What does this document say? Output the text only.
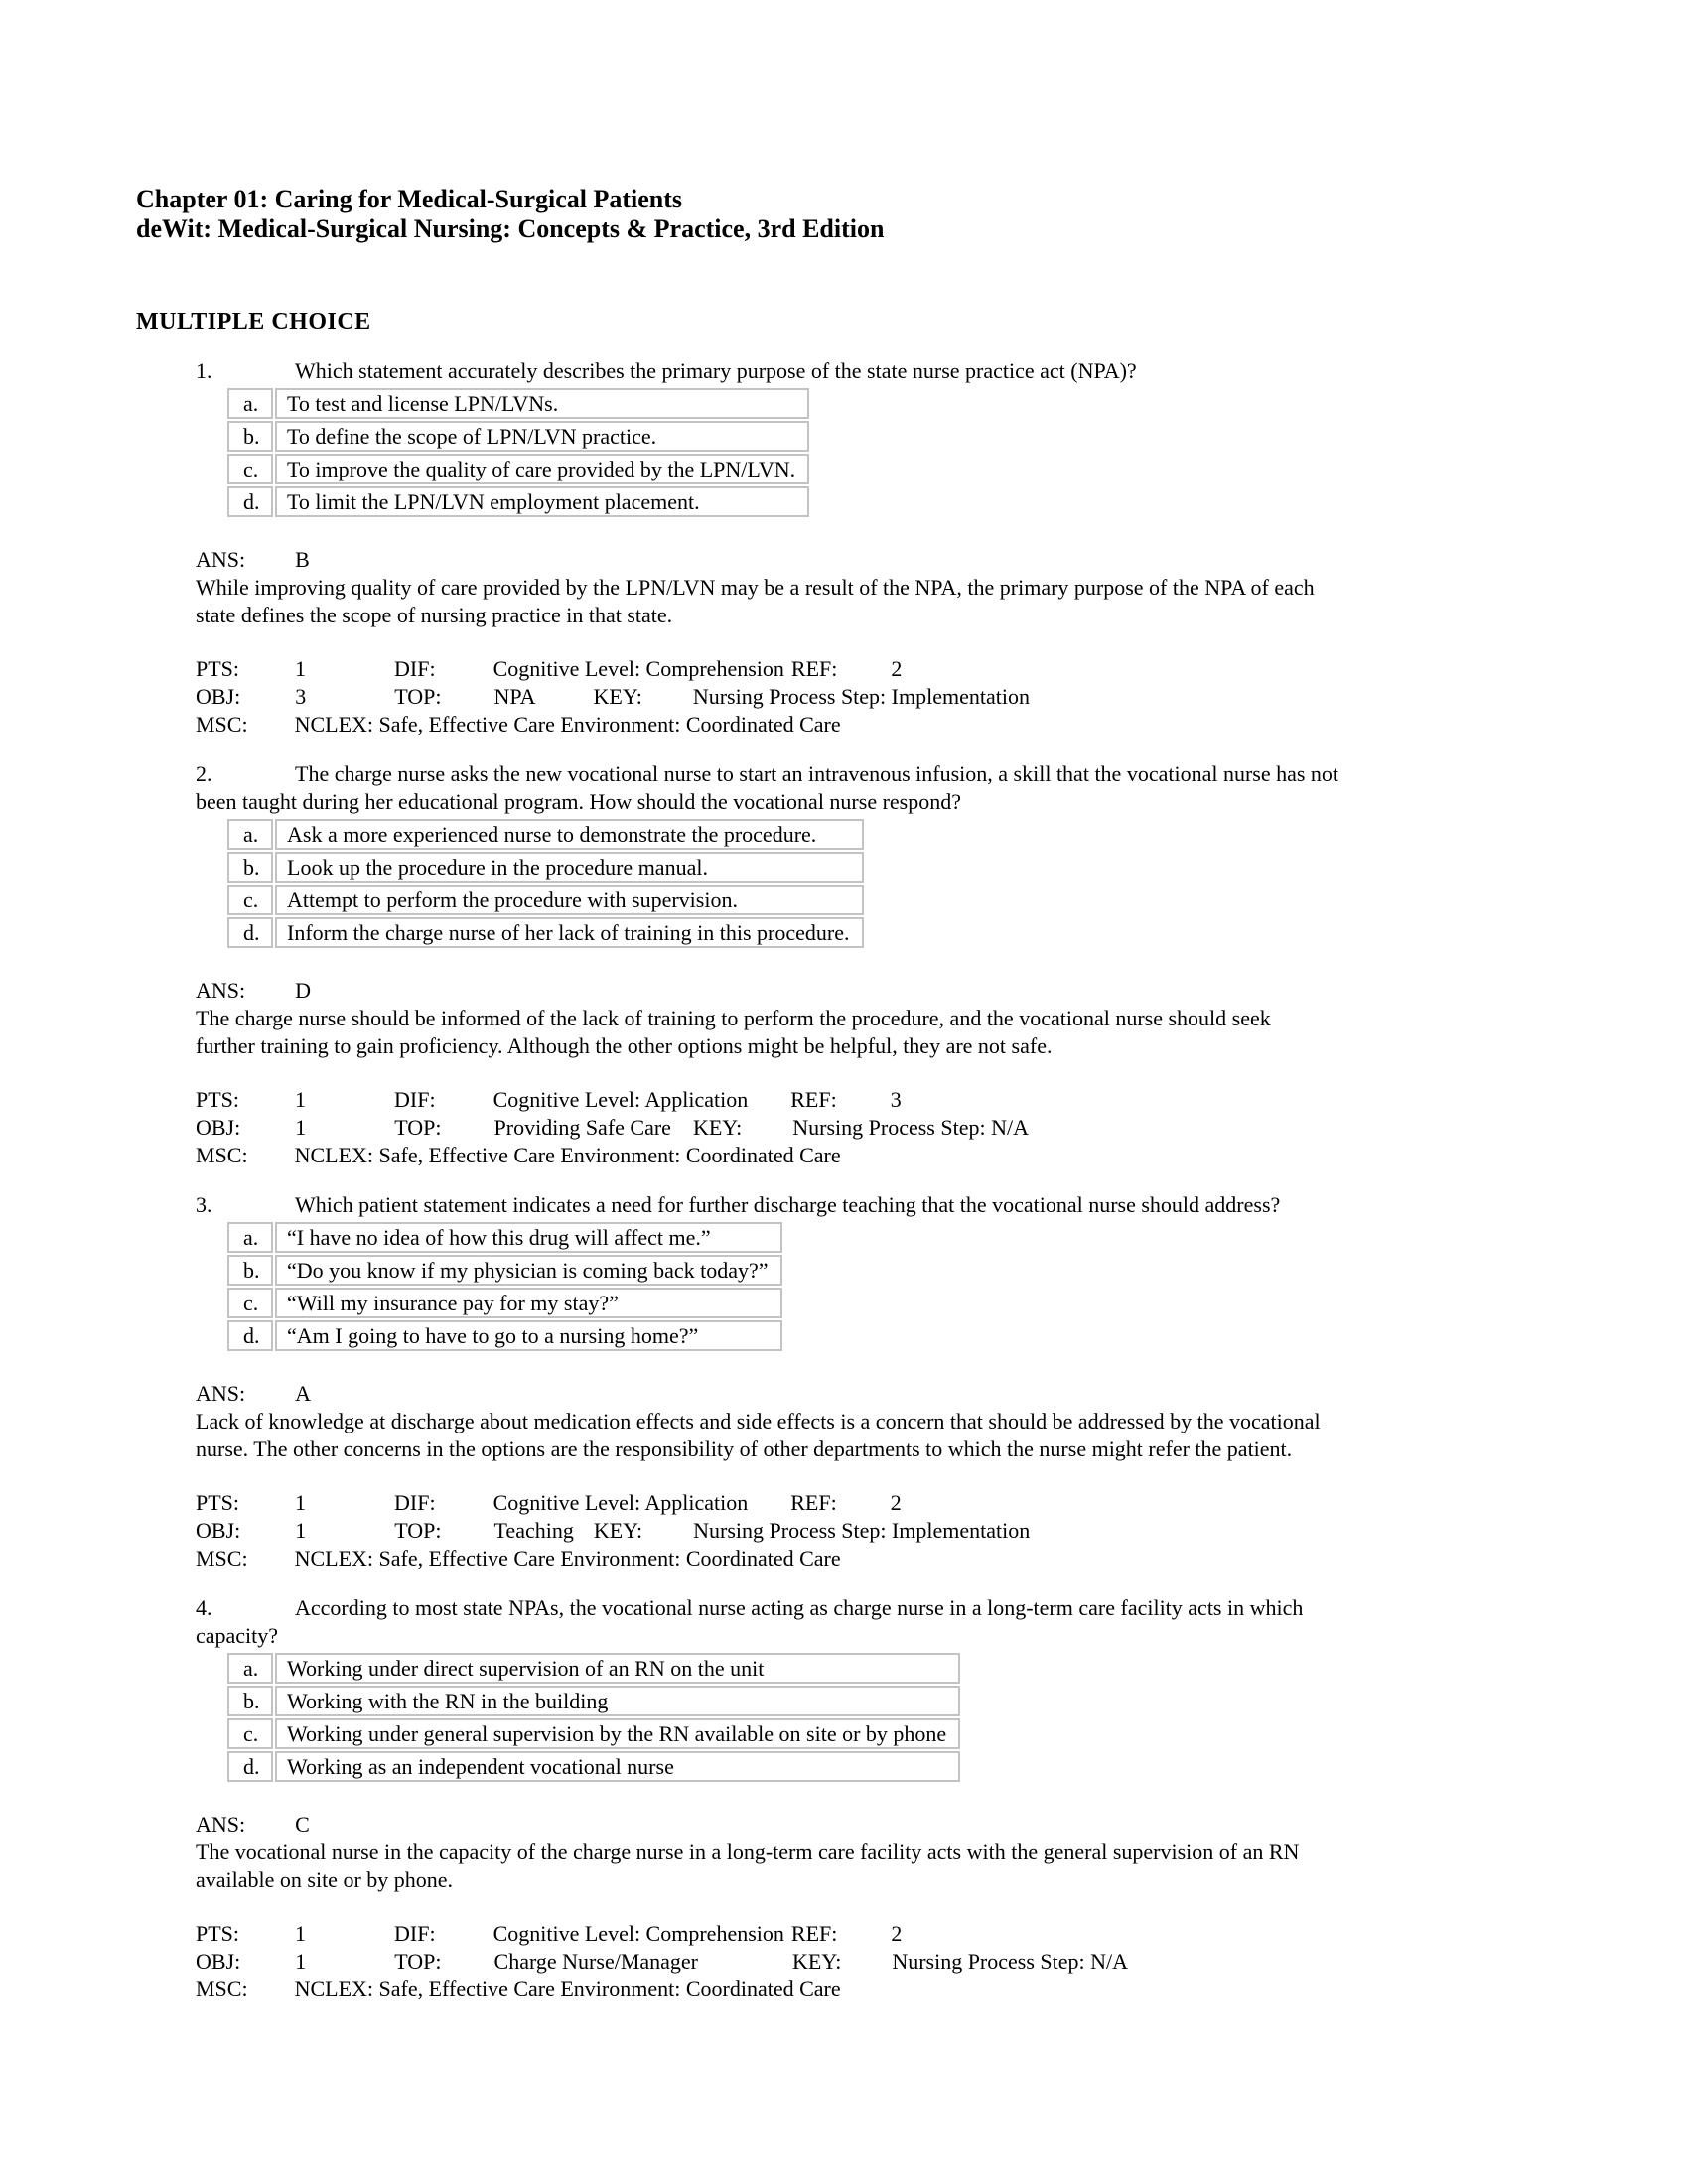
Chapter 01: Caring for Medical-Surgical Patients
deWit: Medical-Surgical Nursing: Concepts & Practice, 3rd Edition
MULTIPLE CHOICE
1.	Which statement accurately describes the primary purpose of the state nurse practice act (NPA)?
a.	To test and license LPN/LVNs.
b.	To define the scope of LPN/LVN practice.
c.	To improve the quality of care provided by the LPN/LVN.
d.	To limit the LPN/LVN employment placement.
ANS: B
While improving quality of care provided by the LPN/LVN may be a result of the NPA, the primary purpose of the NPA of each
state defines the scope of nursing practice in that state.
PTS:	1	DIF:	Cognitive Level: Comprehension REF: 2
OBJ:	3	TOP: NPA	KEY: Nursing Process Step: Implementation
MSC: NCLEX: Safe, Effective Care Environment: Coordinated Care
2.	The charge nurse asks the new vocational nurse to start an intravenous infusion, a skill that the vocational nurse has not
been taught during her educational program. How should the vocational nurse respond?
a.	Ask a more experienced nurse to demonstrate the procedure.
b.	Look up the procedure in the procedure manual.
c.	Attempt to perform the procedure with supervision.
d.	Inform the charge nurse of her lack of training in this procedure.
ANS: D
The charge nurse should be informed of the lack of training to perform the procedure, and the vocational nurse should seek
further training to gain proficiency. Although the other options might be helpful, they are not safe.
PTS:	1	DIF:	Cognitive Level: Application REF: 3
OBJ:	1	TOP: Providing Safe Care KEY: Nursing Process Step: N/A
MSC: NCLEX: Safe, Effective Care Environment: Coordinated Care
3.	Which patient statement indicates a need for further discharge teaching that the vocational nurse should address?
a.	“I have no idea of how this drug will affect me.”
b.	“Do you know if my physician is coming back today?”
c.	“Will my insurance pay for my stay?”
d.	“Am I going to have to go to a nursing home?”
ANS: A
Lack of knowledge at discharge about medication effects and side effects is a concern that should be addressed by the vocational
nurse. The other concerns in the options are the responsibility of other departments to which the nurse might refer the patient.
PTS:	1	DIF:	Cognitive Level: Application REF: 2
OBJ:	1	TOP: Teaching KEY: Nursing Process Step: Implementation
MSC: NCLEX: Safe, Effective Care Environment: Coordinated Care
4.	According to most state NPAs, the vocational nurse acting as charge nurse in a long-term care facility acts in which
capacity?
a.	Working under direct supervision of an RN on the unit
b.	Working with the RN in the building
c.	Working under general supervision by the RN available on site or by phone
d.	Working as an independent vocational nurse
ANS: C
The vocational nurse in the capacity of the charge nurse in a long-term care facility acts with the general supervision of an RN
available on site or by phone.
PTS:	1	DIF:	Cognitive Level: Comprehension REF: 2
OBJ:	1	TOP: Charge Nurse/Manager	KEY: Nursing Process Step: N/A
MSC: NCLEX: Safe, Effective Care Environment: Coordinated Care
